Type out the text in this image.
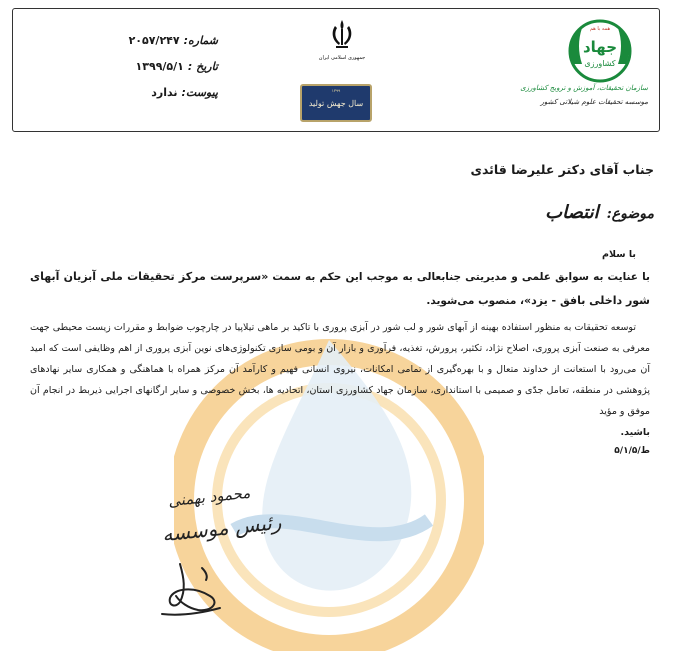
شماره:
۲۰۵۷/۲۴۷
تاریخ :
۱۳۹۹/۵/۱
پیوست:
ندارد
جمهوری اسلامی ایران
۱۳۹۹
سال جهش تولید
همه با هم
جهاد
کشاورزی
سازمان تحقیقات، آموزش و ترویج کشاورزی
موسسه تحقیقات علوم شیلاتی کشور
جناب آقای دکتر علیرضا قائدی
موضوع:
انتصاب
با سلام
با عنایت به سوابق علمی و مدیریتی جنابعالی به موجب این حکم به سمت «سرپرست مرکز تحقیقات ملی آبزیان آبهای شور داخلی بافق - یزد»، منصوب می‌شوید.
توسعه تحقیقات به منظور استفاده بهینه از آبهای شور و لب شور در آبزی پروری با تاکید بر ماهی تیلاپیا در چارچوب ضوابط و مقررات زیست محیطی جهت معرفی به صنعت آبزی پروری، اصلاح نژاد، تکثیر، پرورش، تغذیه، فرآوری و بازار آن و بومی سازی تکنولوژی‌های نوین آبزی پروری از اهم وظایفی است که امید آن می‌رود با استعانت از خداوند متعال و با بهره‌گیری از تمامی امکانات، نیروی انسانی فهیم و کارآمد آن مرکز همراه با هماهنگی و همکاری سایر نهادهای پژوهشی در منطقه، تعامل جدّی و صمیمی با استانداری، سازمان جهاد کشاورزی استان، اتحادیه ها، بخش خصوصی و سایر ارگانهای اجرایی ذیربط در انجام آن موفق و مؤید
باشید.
ط/۵/۱/۵
محمود بهمنی
رئیس موسسه
